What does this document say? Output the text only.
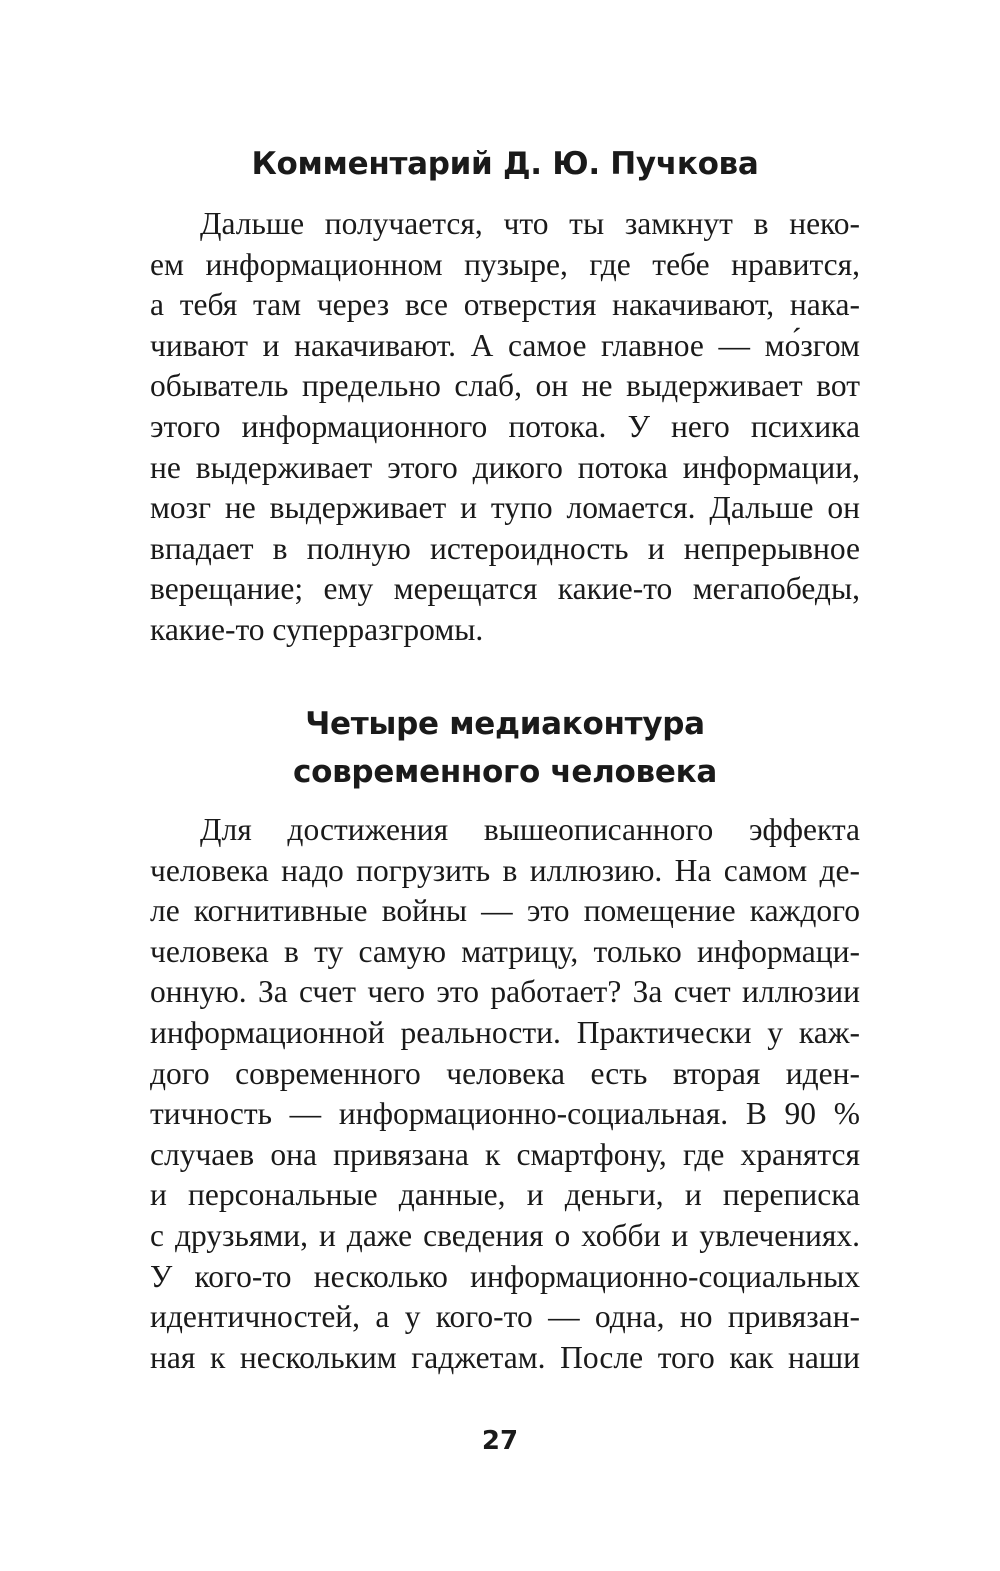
Комментарий Д. Ю. Пучкова
Дальше получается, что ты замкнут в неко-
ем информационном пузыре, где тебе нравится,
а тебя там через все отверстия накачивают, нака-
чивают и накачивают. А самое главное — мо́згом
обыватель предельно слаб, он не выдерживает вот
этого информационного потока. У него психика
не выдерживает этого дикого потока информации,
мозг не выдерживает и тупо ломается. Дальше он
впадает в полную истероидность и непрерывное
верещание; ему мерещатся какие-то мегапобеды,
какие-то суперразгромы.
Четыре медиаконтура
современного человека
Для достижения вышеописанного эффекта
человека надо погрузить в иллюзию. На самом де-
ле когнитивные войны — это помещение каждого
человека в ту самую матрицу, только информаци-
онную. За счет чего это работает? За счет иллюзии
информационной реальности. Практически у каж-
дого современного человека есть вторая иден-
тичность — информационно-социальная. В 90 %
случаев она привязана к смартфону, где хранятся
и персональные данные, и деньги, и переписка
с друзьями, и даже сведения о хобби и увлечениях.
У кого-то несколько информационно-социальных
идентичностей, а у кого-то — одна, но привязан-
ная к нескольким гаджетам. После того как наши
27
